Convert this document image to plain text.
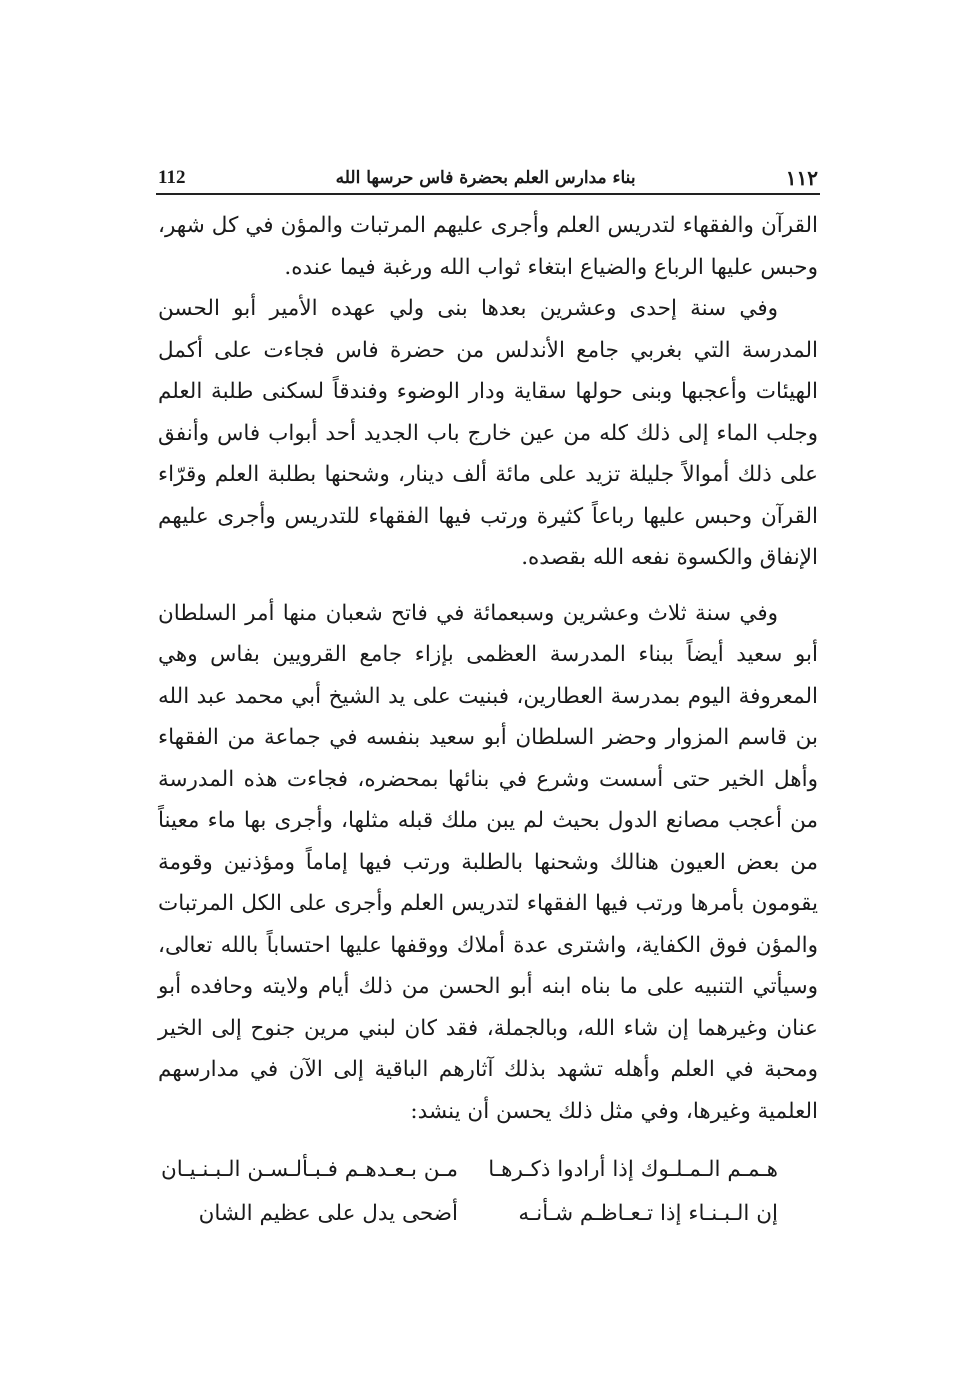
١١٢
بناء مدارس العلم بحضرة فاس حرسها الله
112

القرآن والفقهاء لتدريس العلم وأجرى عليهم المرتبات والمؤن في كل شهر، وحبس عليها الرباع والضياع ابتغاء ثواب الله ورغبة فيما عنده.

وفي سنة إحدى وعشرين بعدها بنى ولي عهده الأمير أبو الحسن المدرسة التي بغربي جامع الأندلس من حضرة فاس فجاءت على أكمل الهيئات وأعجبها وبنى حولها سقاية ودار الوضوء وفندقاً لسكنى طلبة العلم وجلب الماء إلى ذلك كله من عين خارج باب الجديد أحد أبواب فاس وأنفق على ذلك أموالاً جليلة تزيد على مائة ألف دينار، وشحنها بطلبة العلم وقرّاء القرآن وحبس عليها رباعاً كثيرة ورتب فيها الفقهاء للتدريس وأجرى عليهم الإنفاق والكسوة نفعه الله بقصده.

وفي سنة ثلاث وعشرين وسبعمائة في فاتح شعبان منها أمر السلطان أبو سعيد أيضاً ببناء المدرسة العظمى بإزاء جامع القرويين بفاس وهي المعروفة اليوم بمدرسة العطارين، فبنيت على يد الشيخ أبي محمد عبد الله بن قاسم المزوار وحضر السلطان أبو سعيد بنفسه في جماعة من الفقهاء وأهل الخير حتى أسست وشرع في بنائها بمحضره، فجاءت هذه المدرسة من أعجب مصانع الدول بحيث لم يبن ملك قبله مثلها، وأجرى بها ماء معيناً من بعض العيون هنالك وشحنها بالطلبة ورتب فيها إماماً ومؤذنين وقومة يقومون بأمرها ورتب فيها الفقهاء لتدريس العلم وأجرى على الكل المرتبات والمؤن فوق الكفاية، واشترى عدة أملاك ووقفها عليها احتساباً بالله تعالى، وسيأتي التنبيه على ما بناه ابنه أبو الحسن من ذلك أيام ولايته وحافده أبو عنان وغيرهما إن شاء الله، وبالجملة، فقد كان لبني مرين جنوح إلى الخير ومحبة في العلم وأهله تشهد بذلك آثارهم الباقية إلى الآن في مدارسهم العلمية وغيرها، وفي مثل ذلك يحسن أن ينشد:

هـمـم الـمـلـوك إذا أرادوا ذكـرهـا
مـن بـعـدهـم فـبـألـسـن الـبـنـيـان
إن الـبـنـاء إذا تـعـاظـم شـأنـه
أضحى يدل على عظيم الشان
